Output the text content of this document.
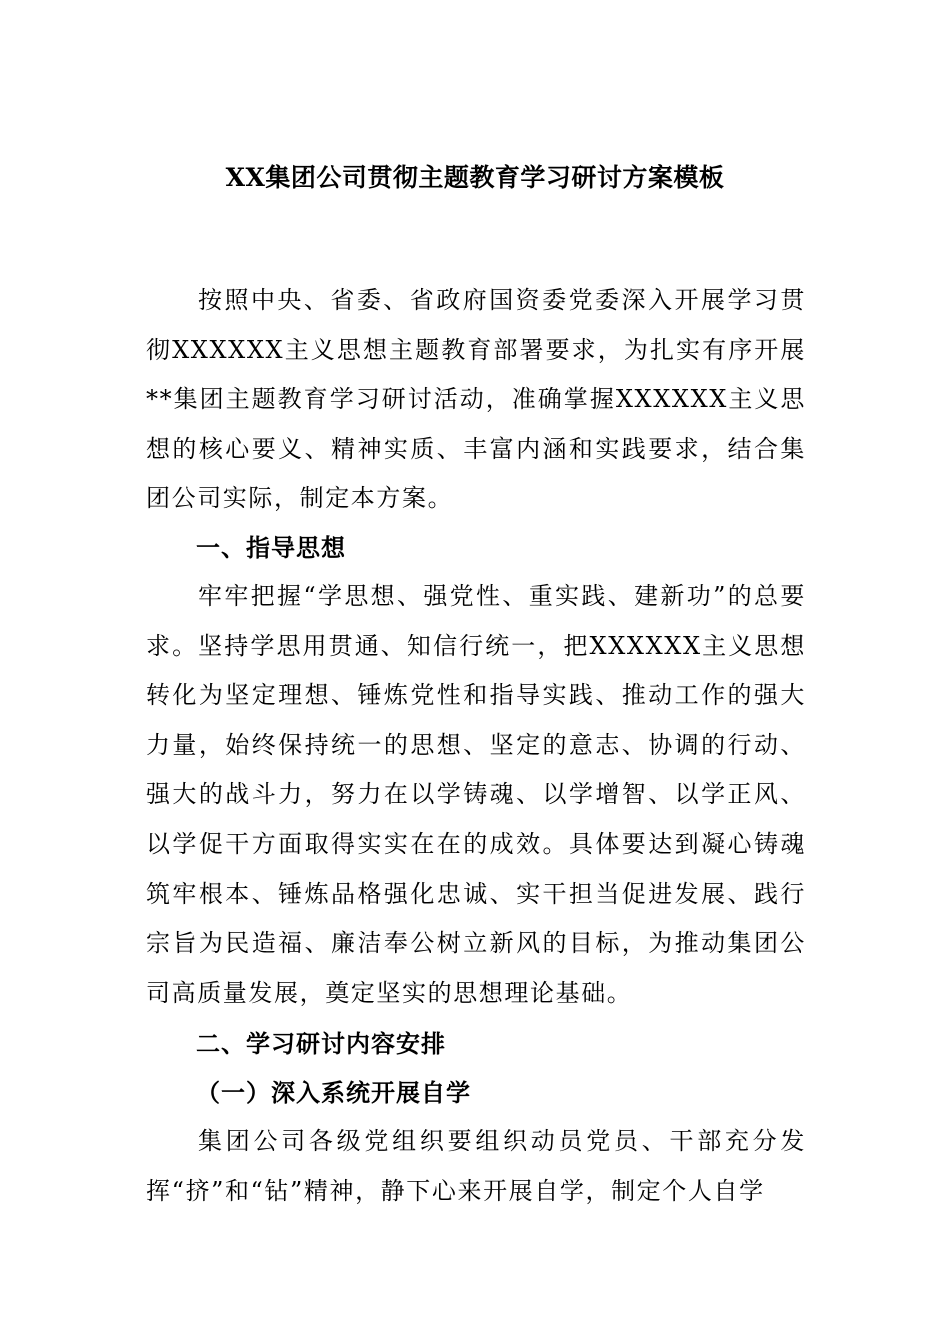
XX集团公司贯彻主题教育学习研讨方案模板
按照中央、省委、省政府国资委党委深入开展学习贯彻XXXXXX主义思想主题教育部署要求，为扎实有序开展**集团主题教育学习研讨活动，准确掌握XXXXXX主义思想的核心要义、精神实质、丰富内涵和实践要求，结合集团公司实际，制定本方案。
一、指导思想
牢牢把握“学思想、强党性、重实践、建新功”的总要求。坚持学思用贯通、知信行统一，把XXXXXX主义思想转化为坚定理想、锤炼党性和指导实践、推动工作的强大力量，始终保持统一的思想、坚定的意志、协调的行动、强大的战斗力，努力在以学铸魂、以学增智、以学正风、以学促干方面取得实实在在的成效。具体要达到凝心铸魂筑牢根本、锤炼品格强化忠诚、实干担当促进发展、践行宗旨为民造福、廉洁奉公树立新风的目标，为推动集团公司高质量发展，奠定坚实的思想理论基础。
二、学习研讨内容安排
（一）深入系统开展自学
集团公司各级党组织要组织动员党员、干部充分发挥“挤”和“钻”精神，静下心来开展自学，制定个人自学
